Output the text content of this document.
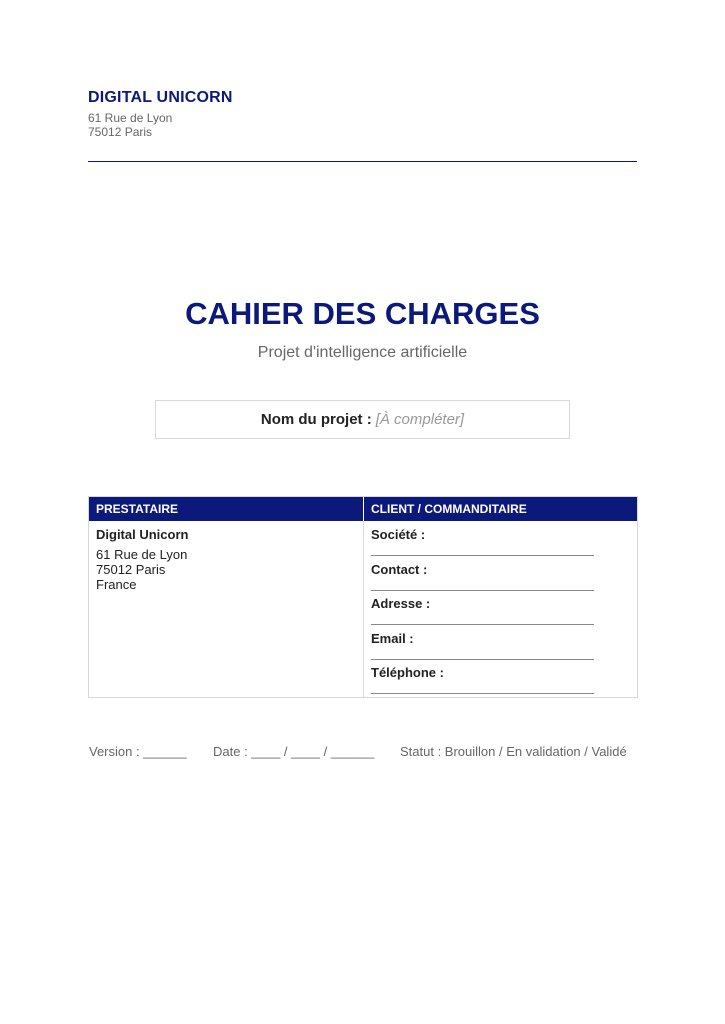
DIGITAL UNICORN
61 Rue de Lyon
75012 Paris
CAHIER DES CHARGES
Projet d'intelligence artificielle
Nom du projet : [À compléter]
PRESTATAIRE	CLIENT / COMMANDITAIRE
Digital Unicorn
61 Rue de Lyon
75012 Paris
France
Société :
Contact :
Adresse :
Email :
Téléphone :
Version : ______ Date : ____ / ____ / ______ Statut : Brouillon / En validation / Validé
